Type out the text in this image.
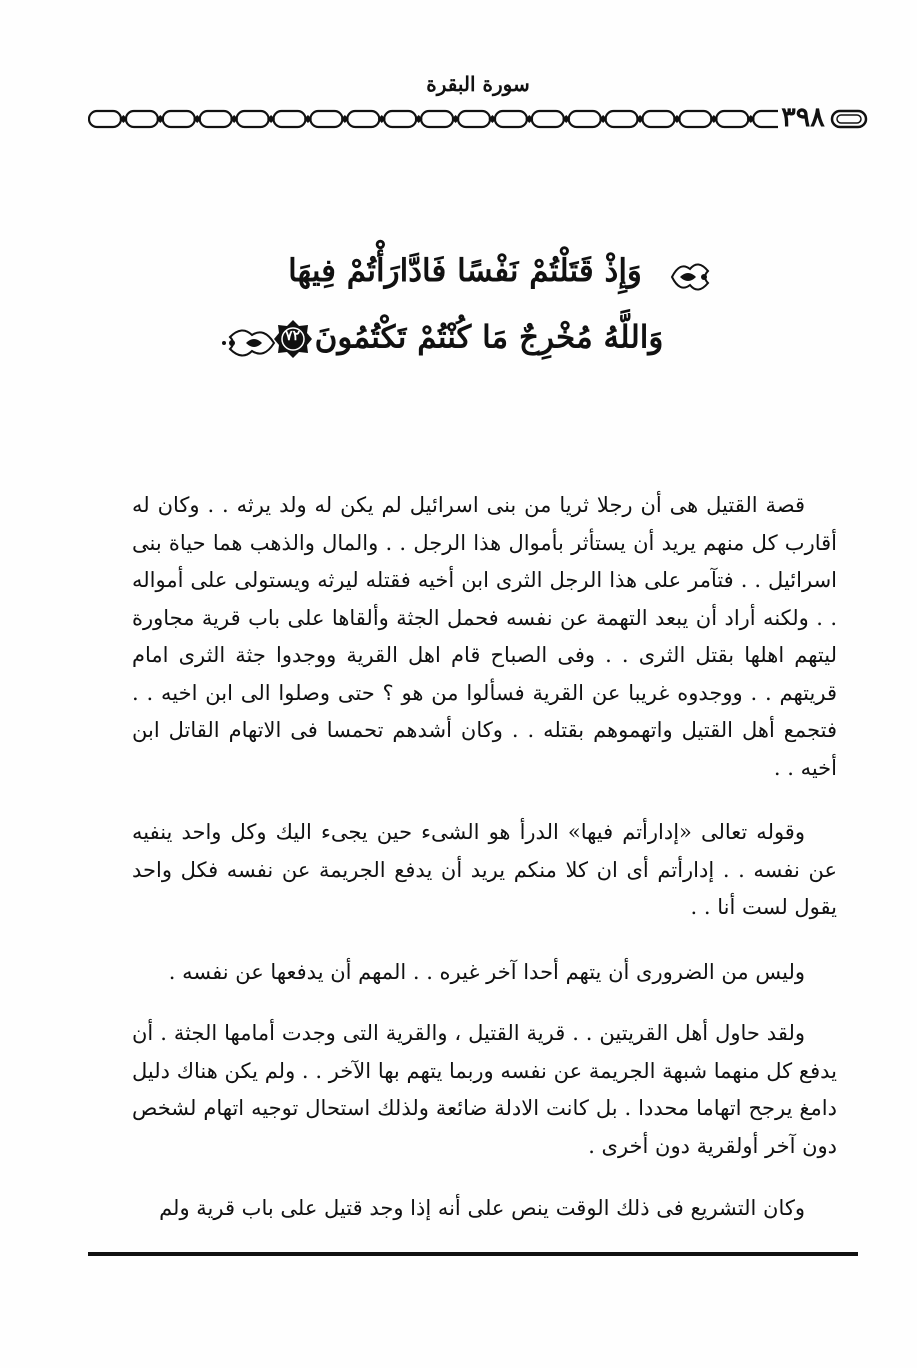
سورة البقرة
٣٩٨
وَإِذْ قَتَلْتُمْ نَفْسًا فَادَّارَأْتُمْ فِيهَا
وَاللَّهُ مُخْرِجٌ مَا كُنْتُمْ تَكْتُمُونَ
٧٢

قصة القتيل هى أن رجلا ثريا من بنى اسرائيل لم يكن له ولد يرثه . . وكان له أقارب كل منهم يريد أن يستأثر بأموال هذا الرجل . . والمال والذهب هما حياة بنى اسرائيل . . فتآمر على هذا الرجل الثرى ابن أخيه فقتله ليرثه ويستولى على أمواله . . ولكنه أراد أن يبعد التهمة عن نفسه فحمل الجثة وألقاها على باب قرية مجاورة ليتهم اهلها بقتل الثرى . . وفى الصباح قام اهل القرية ووجدوا جثة الثرى امام قريتهم . . ووجدوه غريبا عن القرية فسألوا من هو ؟ حتى وصلوا الى ابن اخيه . . فتجمع أهل القتيل واتهموهم بقتله . . وكان أشدهم تحمسا فى الاتهام القاتل ابن أخيه . .

وقوله تعالى «إدارأتم فيها» الدرأ هو الشىء حين يجىء اليك وكل واحد ينفيه عن نفسه . . إدارأتم أى ان كلا منكم يريد أن يدفع الجريمة عن نفسه فكل واحد يقول لست أنا . .

وليس من الضرورى أن يتهم أحدا آخر غيره . . المهم أن يدفعها عن نفسه .

ولقد حاول أهل القريتين . . قرية القتيل ، والقرية التى وجدت أمامها الجثة . أن يدفع كل منهما شبهة الجريمة عن نفسه وربما يتهم بها الآخر . . ولم يكن هناك دليل دامغ يرجح اتهاما محددا . بل كانت الادلة ضائعة ولذلك استحال توجيه اتهام لشخص دون آخر أولقرية دون أخرى .

وكان التشريع فى ذلك الوقت ينص على أنه إذا وجد قتيل على باب قرية ولم
